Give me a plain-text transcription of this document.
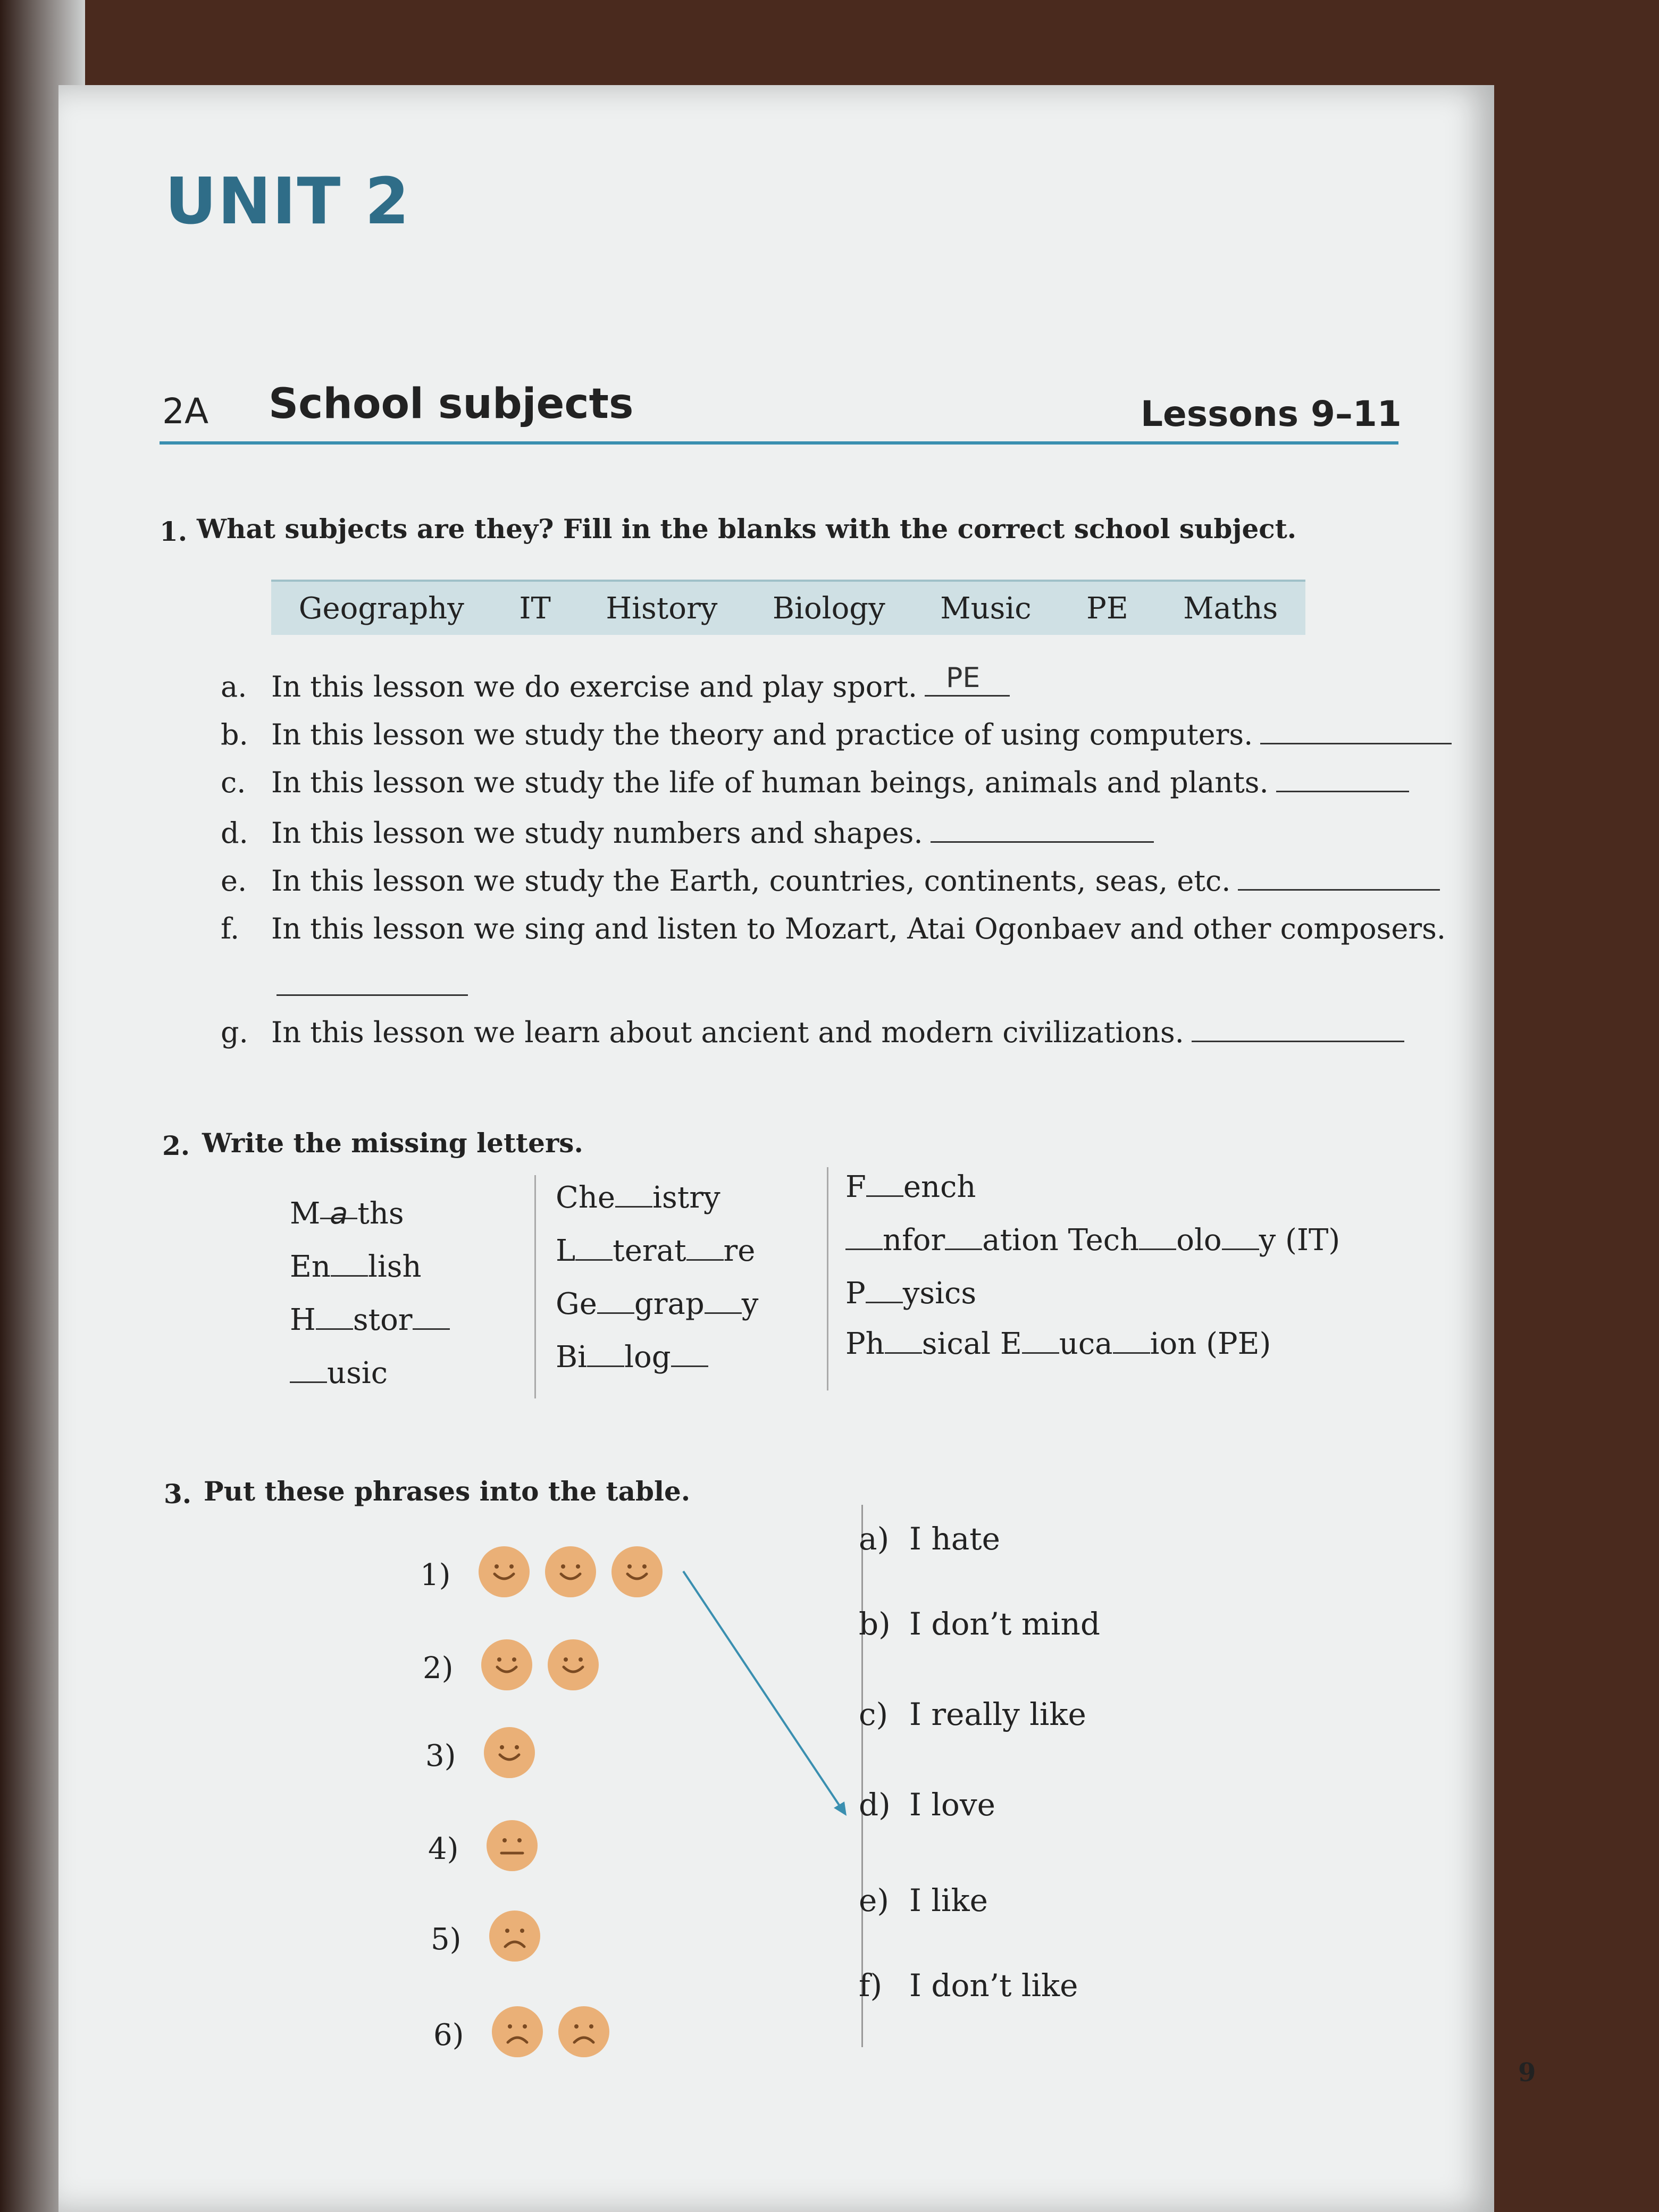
UNIT 2
2A School subjects	Lessons 9–11
1. What subjects are they? Fill in the blanks with the correct school subject.
Geography IT History Biology Music PE Maths
a. In this lesson we do exercise and play sport. PE
b. In this lesson we study the theory and practice of using computers.
c. In this lesson we study the life of human beings, animals and plants.
d. In this lesson we study numbers and shapes.
e. In this lesson we study the Earth, countries, continents, seas, etc.
f. In this lesson we sing and listen to Mozart, Atai Ogonbaev and other composers.
g. In this lesson we learn about ancient and modern civilizations.
2. Write the missing letters.
M a ths
En lish
H stor
usic
Che istry
L terat re
Ge grap y
Bi log
F ench
nfor ation Tech olo y (IT)
P ysics
Ph sical E uca ion (PE)
3. Put these phrases into the table.
1)
2)
3)
4)
5)
6)
a) I hate
b) I don’t mind
c) I really like
d) I love
e) I like
f) I don’t like
9
